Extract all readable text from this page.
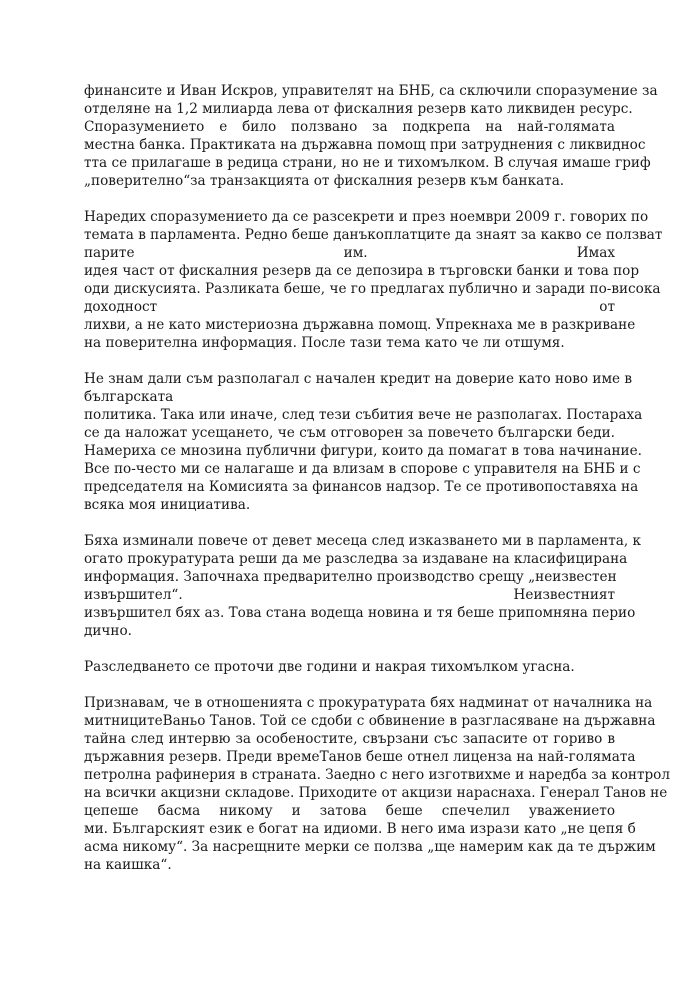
финансите и Иван Искров, управителят на БНБ, са сключили споразумение за
отделяне на 1,2 милиарда лева от фискалния резерв като ликвиден ресурс.
Споразумението е било ползвано за подкрепа на най-голямата
местна банка. Практиката на държавна помощ при затруднения с ликвиднос
тта се прилагаше в редица страни, но не и тихомълком. В случая имаше гриф
„поверително“за транзакцията от фискалния резерв към банката.
Наредих споразумението да се разсекрети и през ноември 2009 г. говорих по
темата в парламента. Редно беше данъкоплатците да знаят за какво се ползват
парите им. Имах
идея част от фискалния резерв да се депозира в търговски банки и това пор
оди дискусията. Разликата беше, че го предлагах публично и заради по-висока
доходност от
лихви, а не като мистериозна държавна помощ. Упрекнаха ме в разкриване
на поверителна информация. После тази тема като че ли отшумя.
Не знам дали съм разполагал с начален кредит на доверие като ново име в
българската
политика. Така или иначе, след тези събития вече не разполагах. Постараха
се да наложат усещането, че съм отговорен за повечето български беди.
Намериха се мнозина публични фигури, които да помагат в това начинание.
Все по-често ми се налагаше и да влизам в спорове с управителя на БНБ и с
председателя на Комисията за финансов надзор. Те се противопоставяха на
всяка моя инициатива.
Бяха изминали повече от девет месеца след изказването ми в парламента, к
огато прокуратурата реши да ме разследва за издаване на класифицирана
информация. Започнаха предварително производство срещу „неизвестен
извършител“. Неизвестният
извършител бях аз. Това стана водеща новина и тя беше припомняна перио
дично.
Разследването се проточи две години и накрая тихомълком угасна.
Признавам, че в отношенията с прокуратурата бях надминат от началника на
митницитеВаньо Танов. Той се сдоби с обвинение в разгласяване на държавна
тайна след интервю за особеностите, свързани със запасите от гориво в
държавния резерв. Преди времеТанов беше отнел лиценза на най-голямата
петролна рафинерия в страната. Заедно с него изготвихме и наредба за контрол
на всички акцизни складове. Приходите от акцизи нараснаха. Генерал Танов не
цепеше басма никому и затова беше спечелил уважението
ми. Българският език е богат на идиоми. В него има изрази като „не цепя б
асма никому“. За насрещните мерки се ползва „ще намерим как да те държим
на каишка“.
